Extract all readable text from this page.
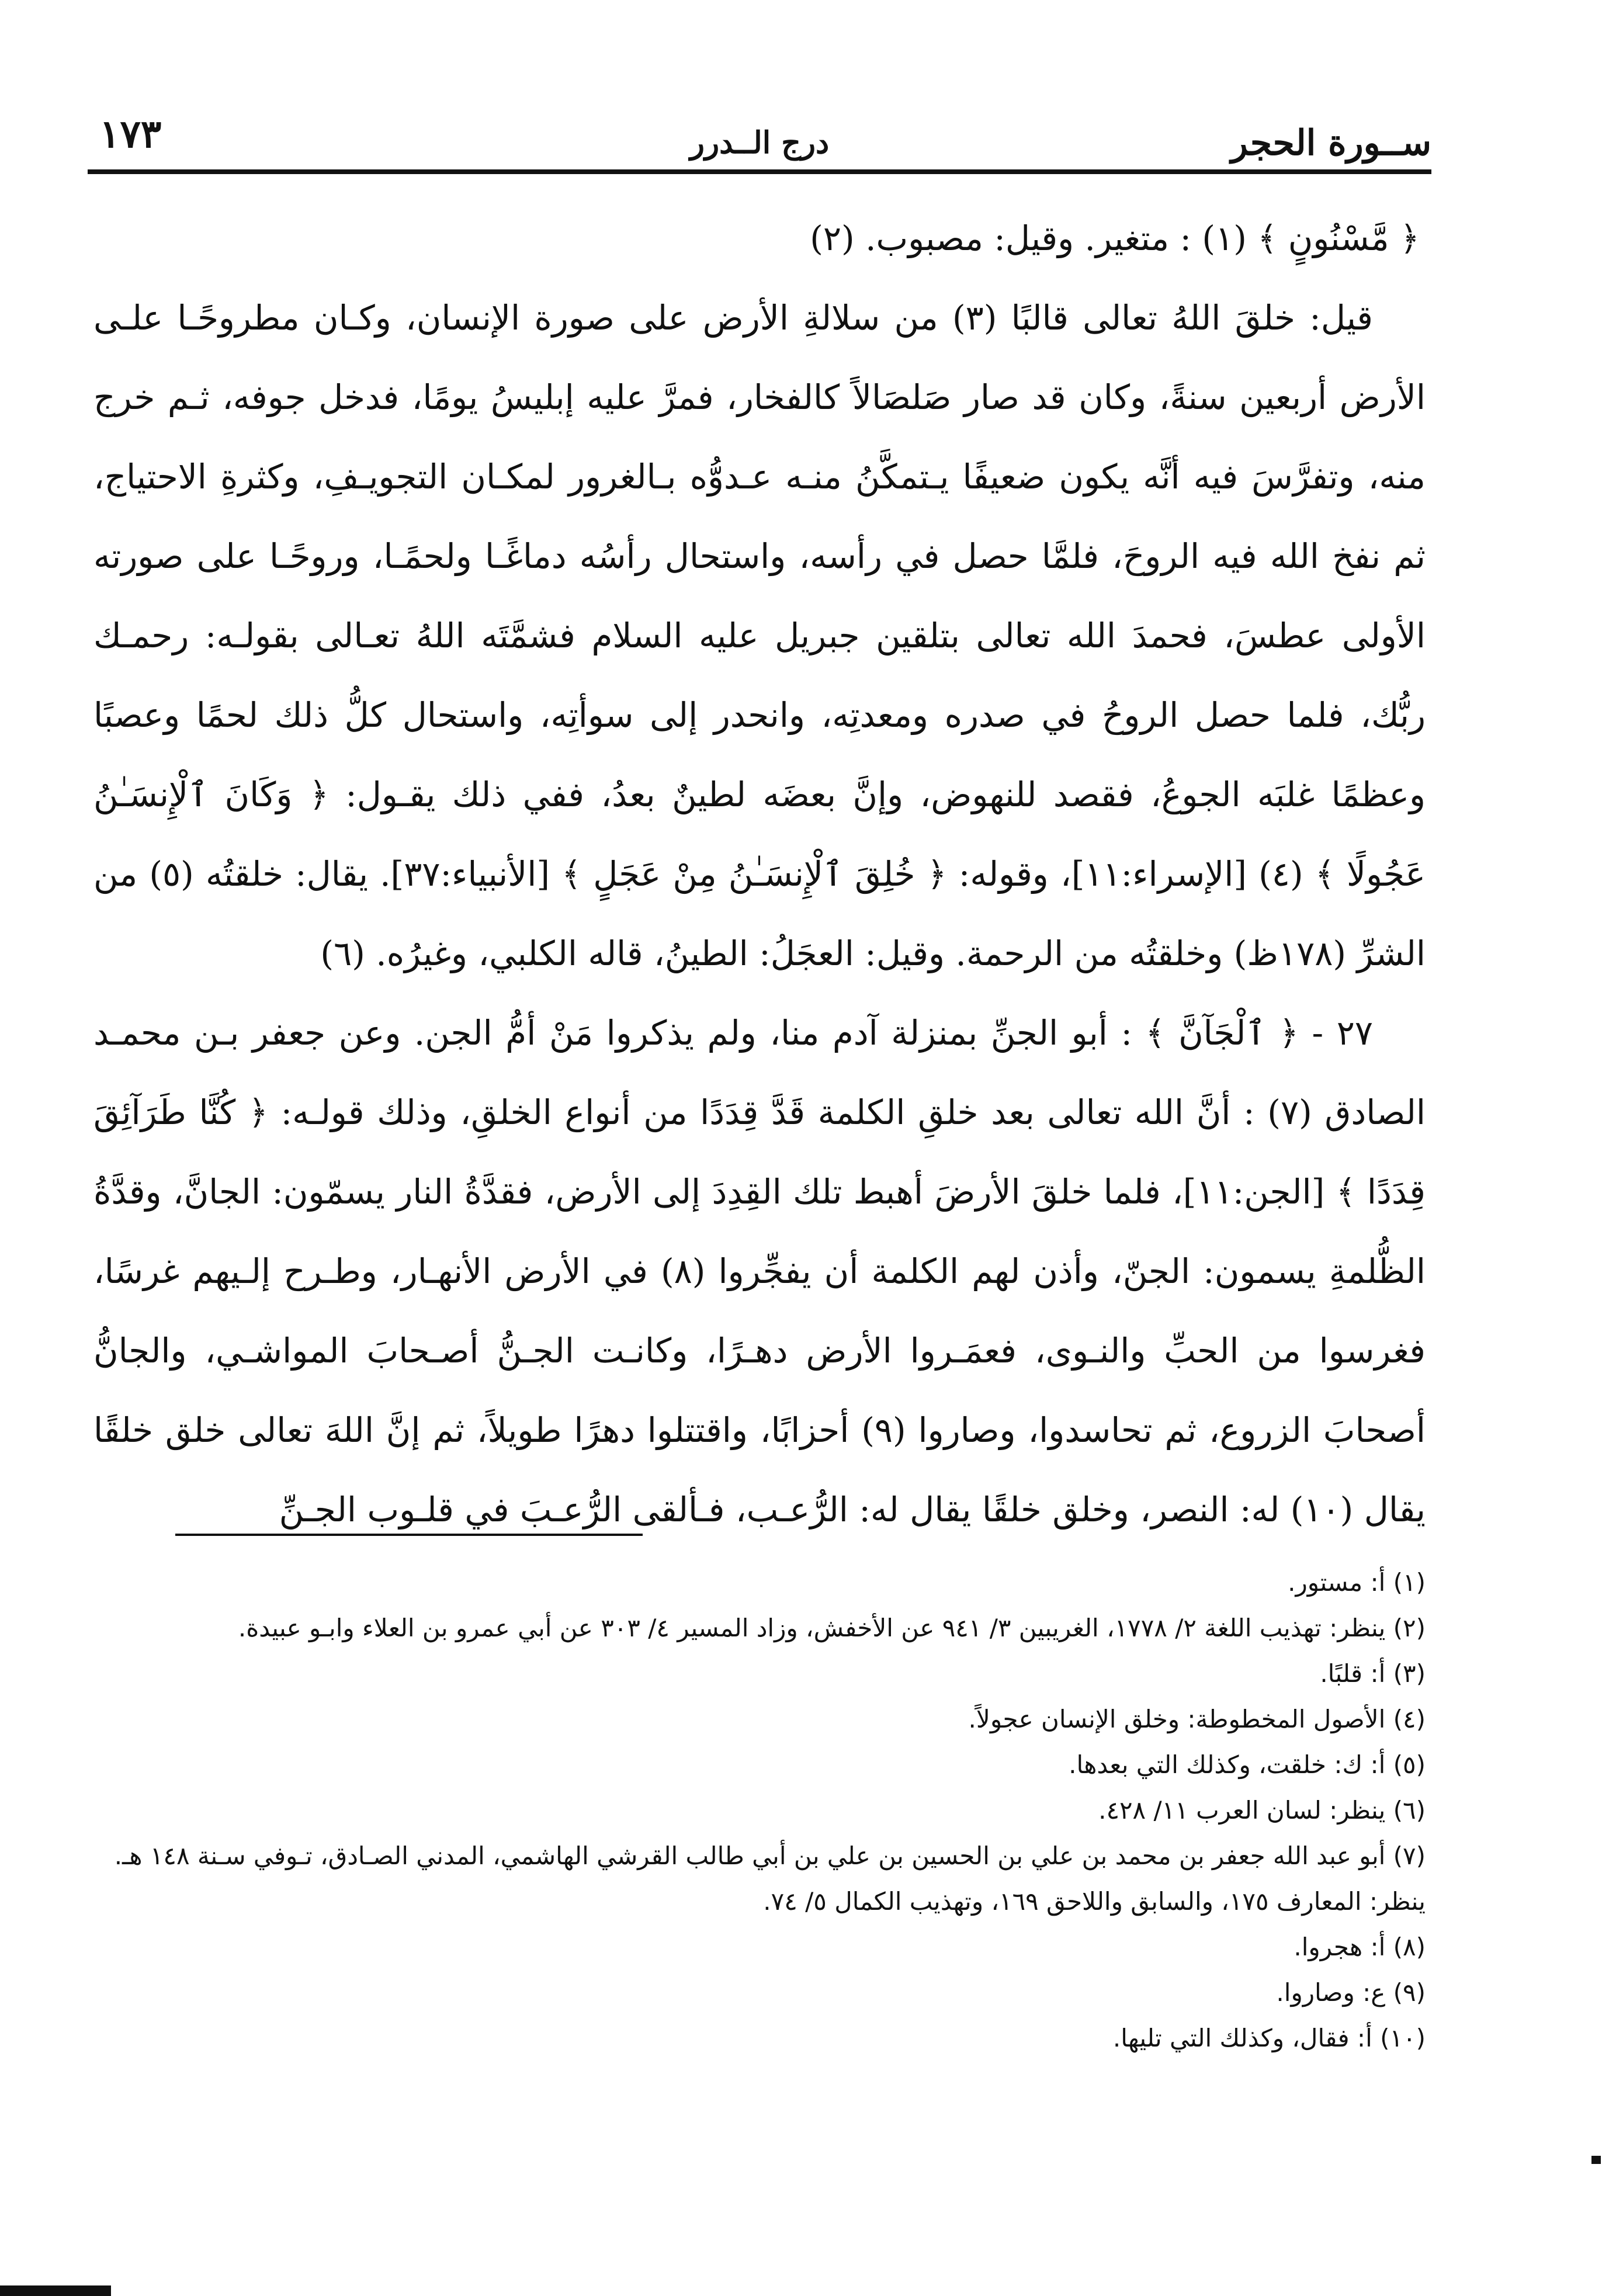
ســورة الحجر
درج الــدرر
١٧٣

﴿ مَّسْنُونٍ ﴾ (١) : متغير. وقيل: مصبوب. (٢)

قيل: خلقَ اللهُ تعالى قالبًا (٣) من سلالةِ الأرض على صورة الإنسان، وكـان مطروحًـا علـى الأرض أربعين سنةً، وكان قد صار صَلصَالاً كالفخار، فمرَّ عليه إبليسُ يومًا، فدخل جوفه، ثـم خرج منه، وتفرَّسَ فيه أنَّه يكون ضعيفًا يـتمكَّنُ منـه عـدوُّه بـالغرور لمكـان التجويـفِ، وكثرةِ الاحتياج، ثم نفخ الله فيه الروحَ، فلمَّا حصل في رأسه، واستحال رأسُه دماغًـا ولحمًـا، وروحًـا على صورته الأولى عطسَ، فحمدَ الله تعالى بتلقين جبريل عليه السلام فشمَّتَه اللهُ تعـالى بقولـه: رحمـك ربُّك، فلما حصل الروحُ في صدره ومعدتِه، وانحدر إلى سوأتِه، واستحال كلُّ ذلك لحمًا وعصبًا وعظمًا غلبَه الجوعُ، فقصد للنهوض، وإنَّ بعضَه لطينٌ بعدُ، ففي ذلك يقـول: ﴿ وَكَانَ ٱلْإِنسَـٰنُ عَجُولًا ﴾ (٤) [الإسراء:١١]، وقوله: ﴿ خُلِقَ ٱلْإِنسَـٰنُ مِنْ عَجَلٍ ﴾ [الأنبياء:٣٧]. يقال: خلقتُه (٥) من الشرِّ (١٧٨ظ) وخلقتُه من الرحمة. وقيل: العجَلُ: الطينُ، قاله الكلبي، وغيرُه. (٦)

٢٧ - ﴿ ٱلْجَآنَّ ﴾ : أبو الجنِّ بمنزلة آدم منا، ولم يذكروا مَنْ أمُّ الجن. وعن جعفر بـن محمـد الصادق (٧) : أنَّ الله تعالى بعد خلقِ الكلمة قَدَّ قِدَدًا من أنواع الخلقِ، وذلك قولـه: ﴿ كُنَّا طَرَآئِقَ قِدَدًا ﴾ [الجن:١١]، فلما خلقَ الأرضَ أهبط تلك القِدِدَ إلى الأرض، فقدَّةُ النار يسمّون: الجانَّ، وقدَّةُ الظُّلمةِ يسمون: الجنّ، وأذن لهم الكلمة أن يفجِّروا (٨) في الأرض الأنهـار، وطـرح إلـيهم غرسًا، فغرسوا من الحبِّ والنـوى، فعمَـروا الأرض دهـرًا، وكانـت الجـنُّ أصـحابَ المواشـي، والجانُّ أصحابَ الزروع، ثم تحاسدوا، وصاروا (٩) أحزابًا، واقتتلوا دهرًا طويلاً، ثم إنَّ اللهَ تعالى خلق خلقًا يقال (١٠) له: النصر، وخلق خلقًا يقال له: الرُّعـب، فـألقى الرُّعـبَ في قلـوب الجـنِّ

(١) أ: مستور.

(٢) ينظر: تهذيب اللغة ٢/ ١٧٧٨، الغريبين ٣/ ٩٤١ عن الأخفش، وزاد المسير ٤/ ٣٠٣ عن أبي عمرو بن العلاء وابـو عبيدة.

(٣) أ: قلبًا.

(٤) الأصول المخطوطة: وخلق الإنسان عجولاً.

(٥) أ: ك: خلقت، وكذلك التي بعدها.

(٦) ينظر: لسان العرب ١١/ ٤٢٨.

(٧) أبو عبد الله جعفر بن محمد بن علي بن الحسين بن علي بن أبي طالب القرشي الهاشمي، المدني الصـادق، تـوفي سـنة ١٤٨ هـ. ينظر: المعارف ١٧٥، والسابق واللاحق ١٦٩، وتهذيب الكمال ٥/ ٧٤.

(٨) أ: هجروا.

(٩) ع: وصاروا.

(١٠) أ: فقال، وكذلك التي تليها.
